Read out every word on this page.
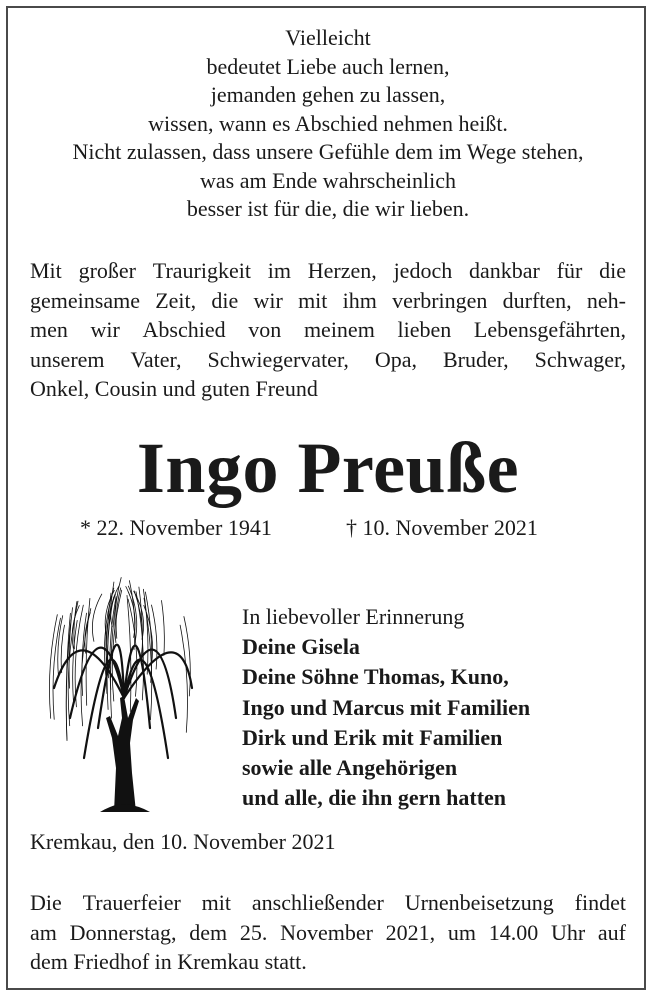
Vielleicht
bedeutet Liebe auch lernen,
jemanden gehen zu lassen,
wissen, wann es Abschied nehmen heißt.
Nicht zulassen, dass unsere Gefühle dem im Wege stehen,
was am Ende wahrscheinlich
besser ist für die, die wir lieben.
Mit großer Traurigkeit im Herzen, jedoch dankbar für die
gemeinsame Zeit, die wir mit ihm verbringen durften, neh-
men wir Abschied von meinem lieben Lebensgefährten,
unserem Vater, Schwiegervater, Opa, Bruder, Schwager,
Onkel, Cousin und guten Freund
Ingo Preuße
* 22. November 1941	† 10. November 2021
In liebevoller Erinnerung
Deine Gisela
Deine Söhne Thomas, Kuno,
Ingo und Marcus mit Familien
Dirk und Erik mit Familien
sowie alle Angehörigen
und alle, die ihn gern hatten
Kremkau, den 10. November 2021
Die Trauerfeier mit anschließender Urnenbeisetzung findet
am Donnerstag, dem 25. November 2021, um 14.00 Uhr auf
dem Friedhof in Kremkau statt.
